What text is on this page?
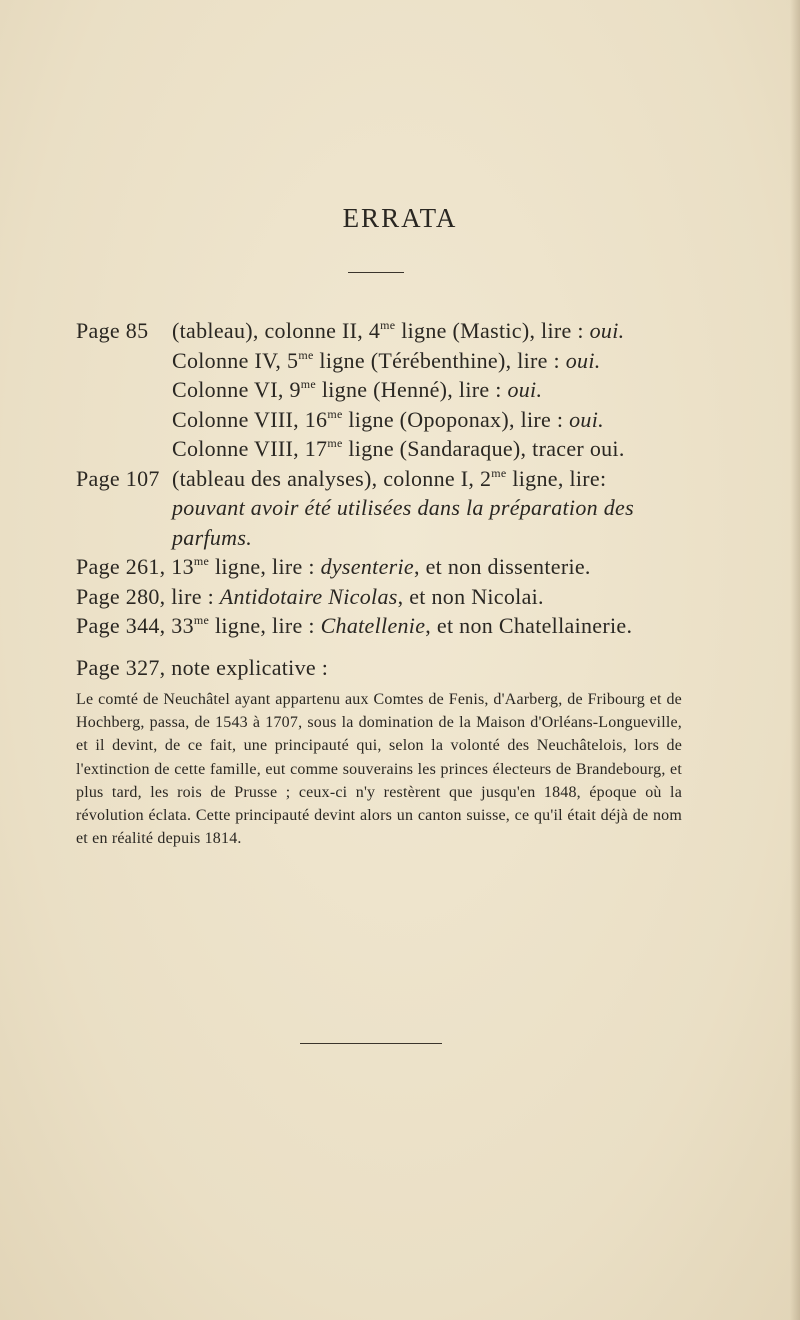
ERRATA
Page 85	(tableau), colonne II, $4^{me}$ ligne (Mastic), lire : oui.
Colonne IV, $5^{me}$ ligne (Térébenthine), lire : oui.
Colonne VI, $9^{me}$ ligne (Henné), lire : oui.
Colonne VIII, $16^{me}$ ligne (Opoponax), lire : oui.
Colonne VIII, $17^{me}$ ligne (Sandaraque), tracer oui.
Page 107 (tableau des analyses), colonne I, $2^{me}$ ligne, lire:
pouvant avoir été utilisées dans la préparation des
parfums.
Page 261, $13^{me}$ ligne, lire : dysenterie, et non dissenterie.
Page 280, lire : Antidotaire Nicolas, et non Nicolai.
Page 344, $33^{me}$ ligne, lire : Chatellenie, et non Chatellainerie.
Page 327, note explicative :
Le comté de Neuchâtel ayant appartenu aux Comtes de Fenis, d'Aarberg, de Fribourg et de Hochberg, passa, de 1543 à 1707, sous la domination de la Maison d'Orléans-Longueville, et il devint, de ce fait, une principauté qui, selon la volonté des Neuchâtelois, lors de l'extinction de cette famille, eut comme souverains les princes électeurs de Brandebourg, et plus tard, les rois de Prusse ; ceux-ci n'y restèrent que jusqu'en 1848, époque où la révolution éclata. Cette principauté devint alors un canton suisse, ce qu'il était déjà de nom et en réalité depuis 1814.
